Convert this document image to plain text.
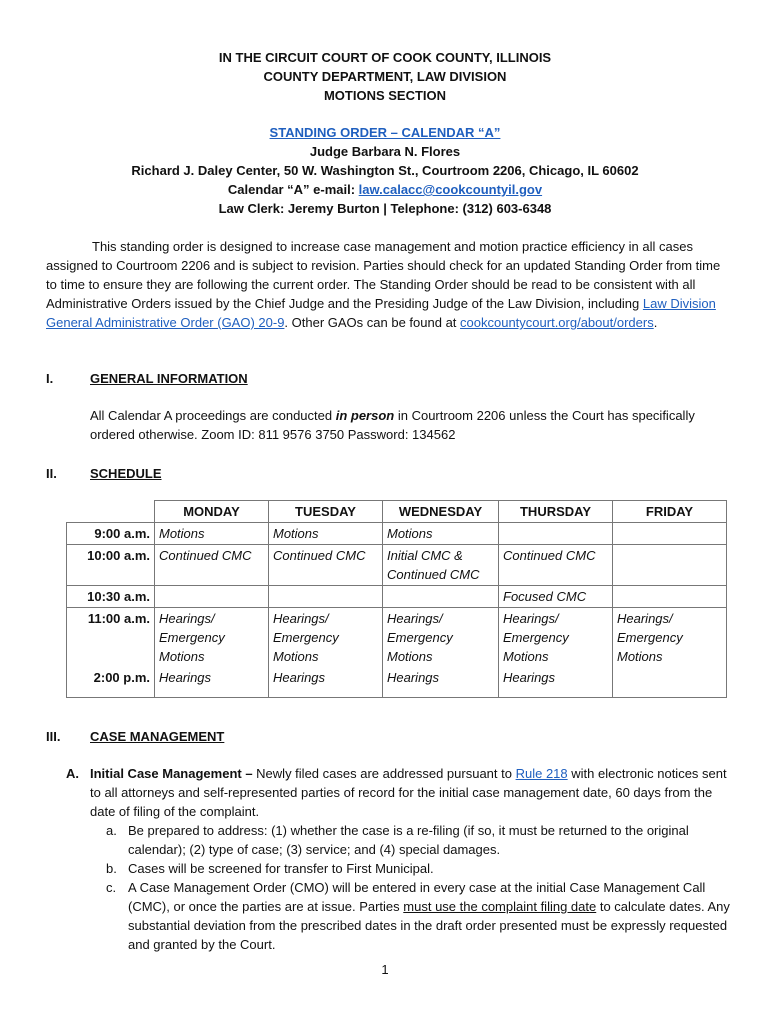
IN THE CIRCUIT COURT OF COOK COUNTY, ILLINOIS
COUNTY DEPARTMENT, LAW DIVISION
MOTIONS SECTION
STANDING ORDER – CALENDAR “A”
Judge Barbara N. Flores
Richard J. Daley Center, 50 W. Washington St., Courtroom 2206, Chicago, IL 60602
Calendar “A” e-mail: law.calacc@cookcountyil.gov
Law Clerk: Jeremy Burton | Telephone: (312) 603-6348

This standing order is designed to increase case management and motion practice efficiency in all cases assigned to Courtroom 2206 and is subject to revision. Parties should check for an updated Standing Order from time to time to ensure they are following the current order. The Standing Order should be read to be consistent with all Administrative Orders issued by the Chief Judge and the Presiding Judge of the Law Division, including Law Division General Administrative Order (GAO) 20-9. Other GAOs can be found at cookcountycourt.org/about/orders.

I.	GENERAL INFORMATION
All Calendar A proceedings are conducted in person in Courtroom 2206 unless the Court has specifically ordered otherwise. Zoom ID: 811 9576 3750 Password: 134562
II.	SCHEDULE
	MONDAY	TUESDAY	WEDNESDAY	THURSDAY	FRIDAY
9:00 a.m.	Motions	Motions	Motions		
10:00 a.m.	Continued CMC	Continued CMC	Initial CMC & Continued CMC	Continued CMC	
10:30 a.m.				Focused CMC	
11:00 a.m.	Hearings/ Emergency Motions	Hearings/ Emergency Motions	Hearings/ Emergency Motions	Hearings/ Emergency Motions	Hearings/ Emergency Motions
2:00 p.m.	Hearings	Hearings	Hearings	Hearings	
III. CASE MANAGEMENT
A. Initial Case Management – Newly filed cases are addressed pursuant to Rule 218 with electronic notices sent to all attorneys and self-represented parties of record for the initial case management date, 60 days from the date of filing of the complaint.
a. Be prepared to address: (1) whether the case is a re-filing (if so, it must be returned to the original calendar); (2) type of case; (3) service; and (4) special damages.
b. Cases will be screened for transfer to First Municipal.
c. A Case Management Order (CMO) will be entered in every case at the initial Case Management Call (CMC), or once the parties are at issue. Parties must use the complaint filing date to calculate dates. Any substantial deviation from the prescribed dates in the draft order presented must be expressly requested and granted by the Court.
1
